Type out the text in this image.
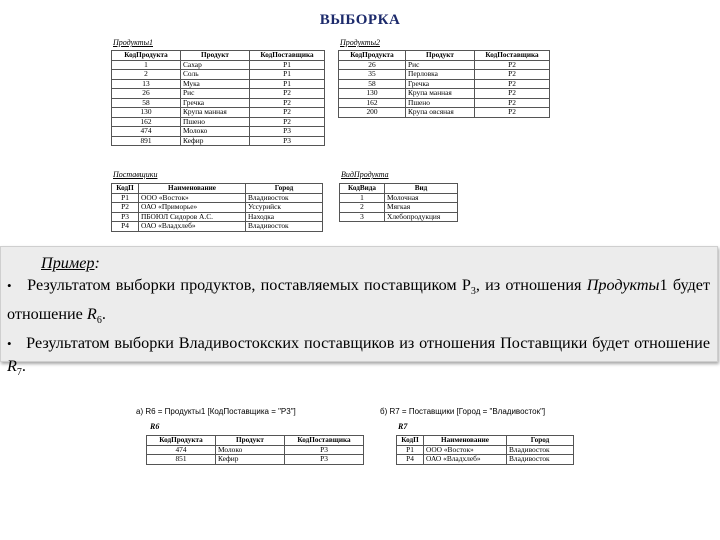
ВЫБОРКА
Продукты1
КодПродукта	Продукт	КодПоставщика
1	Сахар	P1
2	Соль	P1
13	Мука	P1
26	Рис	P2
58	Гречка	P2
130	Крупа манная	P2
162	Пшено	P2
474	Молоко	P3
891	Кефир	P3
Продукты2
КодПродукта	Продукт	КодПоставщика
26	Рис	P2
35	Перловка	P2
58	Гречка	P2
130	Крупа манная	P2
162	Пшено	P2
200	Крупа овсяная	P2
Поставщики
КодП	Наименование	Город
P1	ООО «Восток»	Владивосток
P2	ОАО «Приморье»	Уссурийск
P3	ПБОЮЛ Сидоров А.С.	Находка
P4	ОАО «Владхлеб»	Владивосток
ВидПродукта
КодВида	Вид
1	Молочная
2	Мягкая
3	Хлебопродукция
Пример:
• Результатом выборки продуктов, поставляемых поставщиком $P_3$, из отношения Продукты1 будет отношение $R_6$.
• Результатом выборки Владивостокских поставщиков из отношения Поставщики будет отношение $R_7$.
а) R6 = Продукты1 [КодПоставщика = "P3"]	б) R7 = Поставщики [Город = "Владивосток"]
R6
КодПродукта	Продукт	КодПоставщика
474	Молоко	P3
851	Кефир	P3
R7
КодП	Наименование	Город
P1	ООО «Восток»	Владивосток
P4	ОАО «Владхлеб»	Владивосток
